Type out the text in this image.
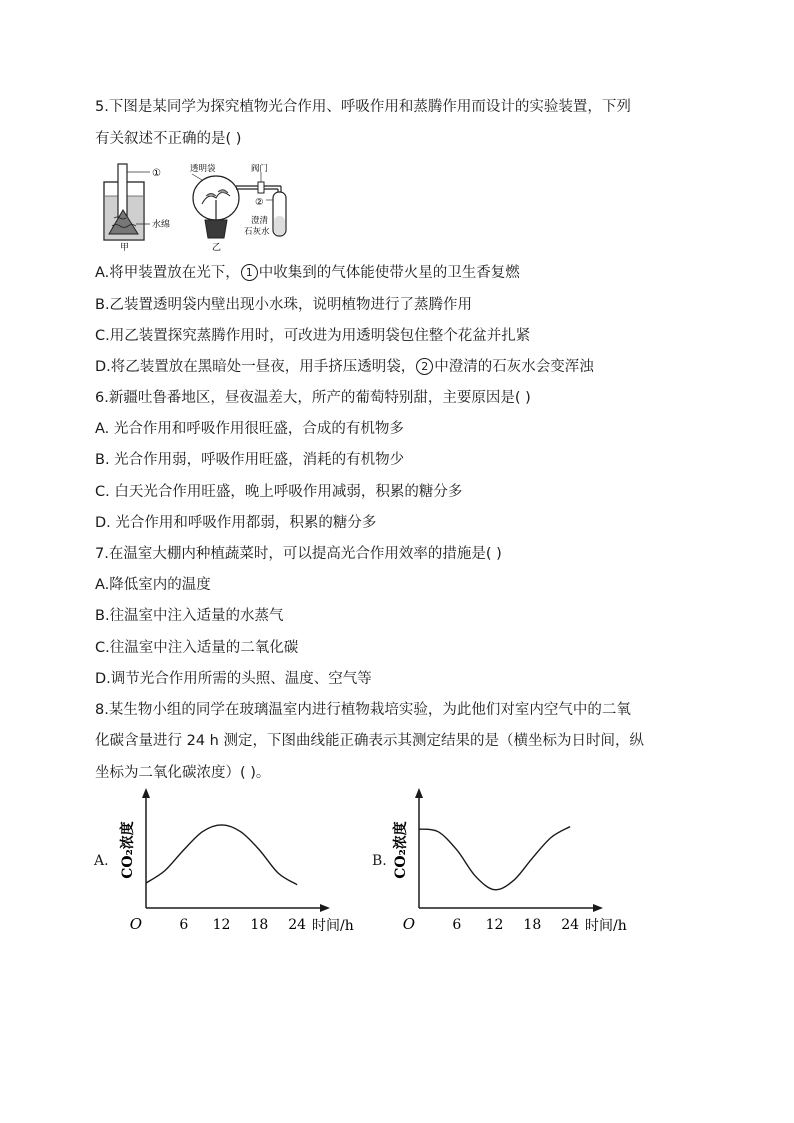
5.下图是某同学为探究植物光合作用、呼吸作用和蒸腾作用而设计的实验装置，下列
有关叙述不正确的是( )
①
水绵
甲
透明袋	阀门
②
澄清
石灰水
乙
A.将甲装置放在光下， 1 中收集到的气体能使带火星的卫生香复燃
B.乙装置透明袋内壁出现小水珠，说明植物进行了蒸腾作用
C.用乙装置探究蒸腾作用时，可改进为用透明袋包住整个花盆并扎紧
D.将乙装置放在黑暗处一昼夜，用手挤压透明袋， 2 中澄清的石灰水会变浑浊
6.新疆吐鲁番地区，昼夜温差大，所产的葡萄特别甜，主要原因是( )
A. 光合作用和呼吸作用很旺盛，合成的有机物多
B. 光合作用弱，呼吸作用旺盛，消耗的有机物少
C. 白天光合作用旺盛，晚上呼吸作用减弱，积累的糖分多
D. 光合作用和呼吸作用都弱，积累的糖分多
7.在温室大棚内种植蔬菜时，可以提高光合作用效率的措施是( )
A.降低室内的温度
B.往温室中注入适量的水蒸气
C.往温室中注入适量的二氧化碳
D.调节光合作用所需的头照、温度、空气等
8.某生物小组的同学在玻璃温室内进行植物栽培实验，为此他们对室内空气中的二氧
化碳含量进行 24 h 测定，下图曲线能正确表示其测定结果的是（横坐标为日时间，纵
坐标为二氧化碳浓度）( )。
A.
O	6 12 18 24 时间/h
CO₂浓度	B.
O	6 12 18 24 时间/h
CO₂浓度
